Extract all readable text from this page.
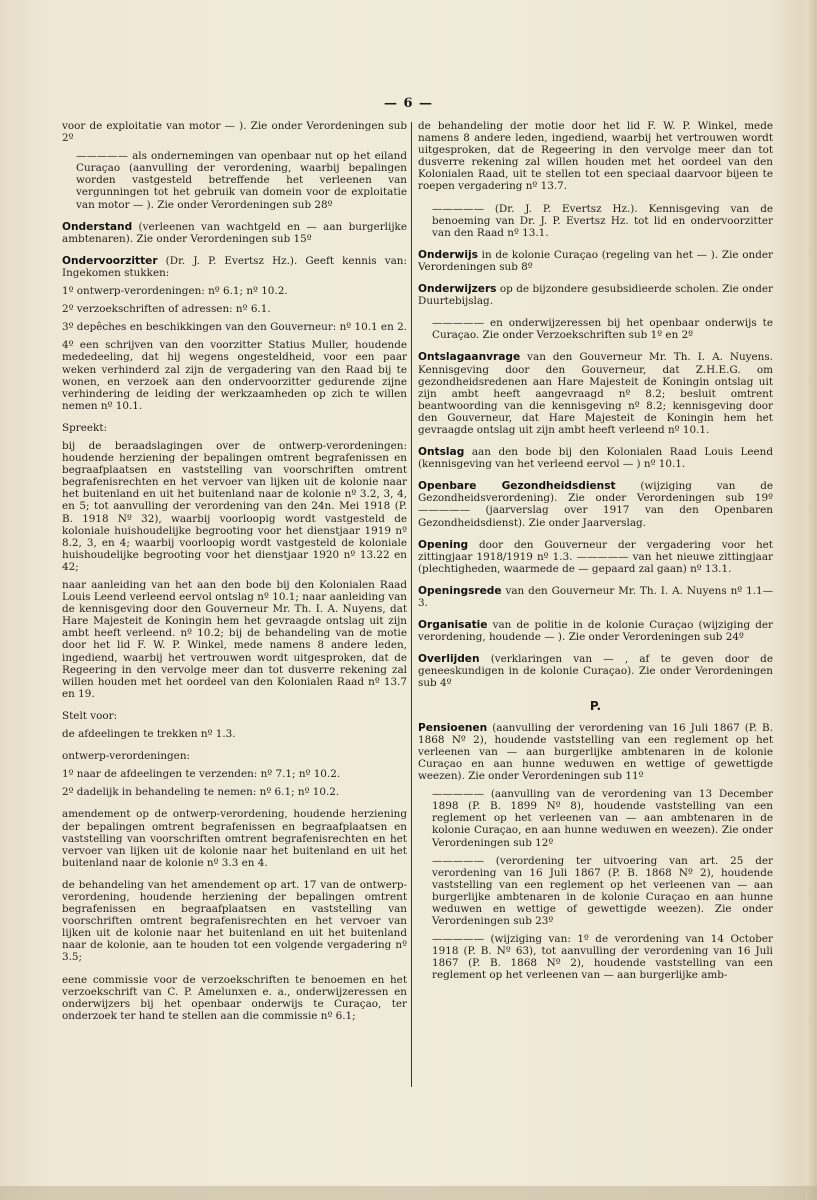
— 6 —

voor de exploitatie van motor — ). Zie onder Verordeningen sub 2º

————— als ondernemingen van openbaar nut op het eiland Curaçao (aanvulling der verordening, waarbij bepalingen worden vastgesteld betreffende het verleenen van vergunningen tot het gebruik van domein voor de exploitatie van motor — ). Zie onder Verordeningen sub 28º

Onderstand (verleenen van wachtgeld en — aan burgerlijke ambtenaren). Zie onder Verordeningen sub 15º

Ondervoorzitter (Dr. J. P. Evertsz Hz.). Geeft kennis van: Ingekomen stukken:

1º ontwerp-verordeningen: nº 6.1; nº 10.2.

2º verzoekschriften of adressen: nº 6.1.

3º depêches en beschikkingen van den Gouverneur: nº 10.1 en 2.

4º een schrijven van den voorzitter Statius Muller, houdende mededeeling, dat hij wegens ongesteldheid, voor een paar weken verhinderd zal zijn de vergadering van den Raad bij te wonen, en verzoek aan den ondervoorzitter gedurende zijne verhindering de leiding der werkzaamheden op zich te willen nemen nº 10.1.

Spreekt:

bij de beraadslagingen over de ontwerp-verordeningen: houdende herziening der bepalingen omtrent begrafenissen en begraafplaatsen en vaststelling van voorschriften omtrent begrafenisrechten en het vervoer van lijken uit de kolonie naar het buitenland en uit het buitenland naar de kolonie nº 3.2, 3, 4, en 5; tot aanvulling der verordening van den 24n. Mei 1918 (P. B. 1918 Nº 32), waarbij voorloopig wordt vastgesteld de koloniale huishoudelijke begrooting voor het dienstjaar 1919 nº 8.2, 3, en 4; waarbij voorloopig wordt vastgesteld de koloniale huishoudelijke begrooting voor het dienstjaar 1920 nº 13.22 en 42;

naar aanleiding van het aan den bode bij den Kolonialen Raad Louis Leend verleend eervol ontslag nº 10.1; naar aanleiding van de kennisgeving door den Gouverneur Mr. Th. I. A. Nuyens, dat Hare Majesteit de Koningin hem het gevraagde ontslag uit zijn ambt heeft verleend. nº 10.2; bij de behandeling van de motie door het lid F. W. P. Winkel, mede namens 8 andere leden, ingediend, waarbij het vertrouwen wordt uitgesproken, dat de Regeering in den vervolge meer dan tot dusverre rekening zal willen houden met het oordeel van den Kolonialen Raad nº 13.7 en 19.

Stelt voor:

de afdeelingen te trekken nº 1.3.

ontwerp-verordeningen:

1º naar de afdeelingen te verzenden: nº 7.1; nº 10.2.

2º dadelijk in behandeling te nemen: nº 6.1; nº 10.2.

amendement op de ontwerp-verordening, houdende herziening der bepalingen omtrent begrafenissen en begraafplaatsen en vaststelling van voorschriften omtrent begrafenisrechten en het vervoer van lijken uit de kolonie naar het buitenland en uit het buitenland naar de kolonie nº 3.3 en 4.

de behandeling van het amendement op art. 17 van de ontwerp-verordening, houdende herziening der bepalingen omtrent begrafenissen en begraafplaatsen en vaststelling van voorschriften omtrent begrafenisrechten en het vervoer van lijken uit de kolonie naar het buitenland en uit het buitenland naar de kolonie, aan te houden tot een volgende vergadering nº 3.5;

eene commissie voor de verzoekschriften te benoemen en het verzoekschrift van C. P. Amelunxen e. a., onderwijzeressen en onderwijzers bij het openbaar onderwijs te Curaçao, ter onderzoek ter hand te stellen aan die commissie nº 6.1;

de behandeling der motie door het lid F. W. P. Winkel, mede namens 8 andere leden, ingediend, waarbij het vertrouwen wordt uitgesproken, dat de Regeering in den vervolge meer dan tot dusverre rekening zal willen houden met het oordeel van den Kolonialen Raad, uit te stellen tot een speciaal daarvoor bijeen te roepen vergadering nº 13.7.

————— (Dr. J. P. Evertsz Hz.). Kennisgeving van de benoeming van Dr. J. P. Evertsz Hz. tot lid en ondervoorzitter van den Raad nº 13.1.

Onderwijs in de kolonie Curaçao (regeling van het — ). Zie onder Verordeningen sub 8º

Onderwijzers op de bijzondere gesubsidieerde scholen. Zie onder Duurtebijslag.

————— en onderwijzeressen bij het openbaar onderwijs te Curaçao. Zie onder Verzoekschriften sub 1º en 2º

Ontslagaanvrage van den Gouverneur Mr. Th. I. A. Nuyens. Kennisgeving door den Gouverneur, dat Z.H.E.G. om gezondheidsredenen aan Hare Majesteit de Koningin ontslag uit zijn ambt heeft aangevraagd nº 8.2; besluit omtrent beantwoording van die kennisgeving nº 8.2; kennisgeving door den Gouverneur, dat Hare Majesteit de Koningin hem het gevraagde ontslag uit zijn ambt heeft verleend nº 10.1.

Ontslag aan den bode bij den Kolonialen Raad Louis Leend (kennisgeving van het verleend eervol — ) nº 10.1.

Openbare Gezondheidsdienst (wijziging van de Gezondheidsverordening). Zie onder Verordeningen sub 19º ————— (jaarverslag over 1917 van den Openbaren Gezondheidsdienst). Zie onder Jaarverslag.

Opening door den Gouverneur der vergadering voor het zittingjaar 1918/1919 nº 1.3. ————— van het nieuwe zittingjaar (plechtigheden, waarmede de — gepaard zal gaan) nº 13.1.

Openingsrede van den Gouverneur Mr. Th. I. A. Nuyens nº 1.1—3.

Organisatie van de politie in de kolonie Curaçao (wijziging der verordening, houdende — ). Zie onder Verordeningen sub 24º

Overlijden (verklaringen van — , af te geven door de geneeskundigen in de kolonie Curaçao). Zie onder Verordeningen sub 4º

P.

Pensioenen (aanvulling der verordening van 16 Juli 1867 (P. B. 1868 Nº 2), houdende vaststelling van een reglement op het verleenen van — aan burgerlijke ambtenaren in de kolonie Curaçao en aan hunne weduwen en wettige of gewettigde weezen). Zie onder Verordeningen sub 11º

————— (aanvulling van de verordening van 13 December 1898 (P. B. 1899 Nº 8), houdende vaststelling van een reglement op het verleenen van — aan ambtenaren in de kolonie Curaçao, en aan hunne weduwen en weezen). Zie onder Verordeningen sub 12º

————— (verordening ter uitvoering van art. 25 der verordening van 16 Juli 1867 (P. B. 1868 Nº 2), houdende vaststelling van een reglement op het verleenen van — aan burgerlijke ambtenaren in de kolonie Curaçao en aan hunne weduwen en wettige of gewettigde weezen). Zie onder Verordeningen sub 23º

————— (wijziging van: 1º de verordening van 14 October 1918 (P. B. Nº 63), tot aanvulling der verordening van 16 Juli 1867 (P. B. 1868 Nº 2), houdende vaststelling van een reglement op het verleenen van — aan burgerlijke amb-
